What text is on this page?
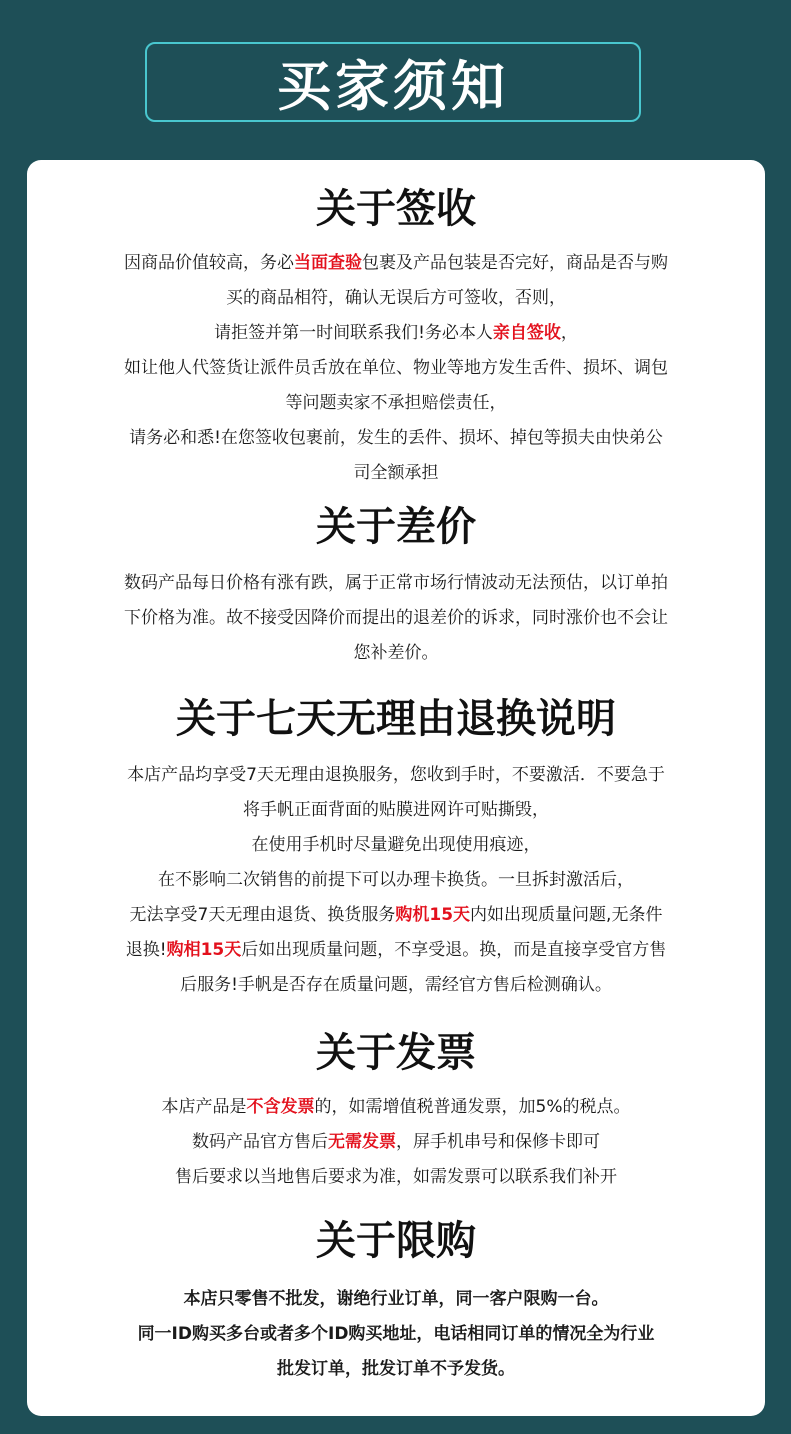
买家须知
关于签收

因商品价值较高，务必当面查验包裹及产品包装是否完好，商品是否与购

买的商品相符，确认无误后方可签收，否则，

请拒签并第一时间联系我们!务必本人亲自签收，

如让他人代签货让派件员舌放在单位、物业等地方发生舌件、损坏、调包

等问题卖家不承担赔偿责任，

请务必和悉!在您签收包裹前，发生的丢件、损坏、掉包等损夫由快弟公

司全额承担

关于差价

数码产品每日价格有涨有跌，属于正常市场行情波动无法预估，以订单拍

下价格为准。故不接受因降价而提出的退差价的诉求，同时涨价也不会让

您补差价。

关于七天无理由退换说明

本店产品均享受7天无理由退换服务，您收到手时，不要激活．不要急于

将手帆正面背面的贴膜进网许可贴撕毁，

在使用手机时尽量避免出现使用痕迹，

在不影响二次销售的前提下可以办理卡换货。一旦拆封激活后，

无法享受7天无理由退货、换货服务购机15天内如出现质量问题,无条件

退换!购相15天后如出现质量问题，不享受退。换，而是直接享受官方售

后服务!手帆是否存在质量问题，需经官方售后检测确认。

关于发票

本店产品是不含发票的，如需增值税普通发票，加5%的税点。

数码产品官方售后无需发票，屏手机串号和保修卡即可

售后要求以当地售后要求为准，如需发票可以联系我们补开

关于限购

本店只零售不批发，谢绝行业订单，同一客户限购一台。

同一ID购买多台或者多个ID购买地址，电话相同订单的情况全为行业

批发订单，批发订单不予发货。
